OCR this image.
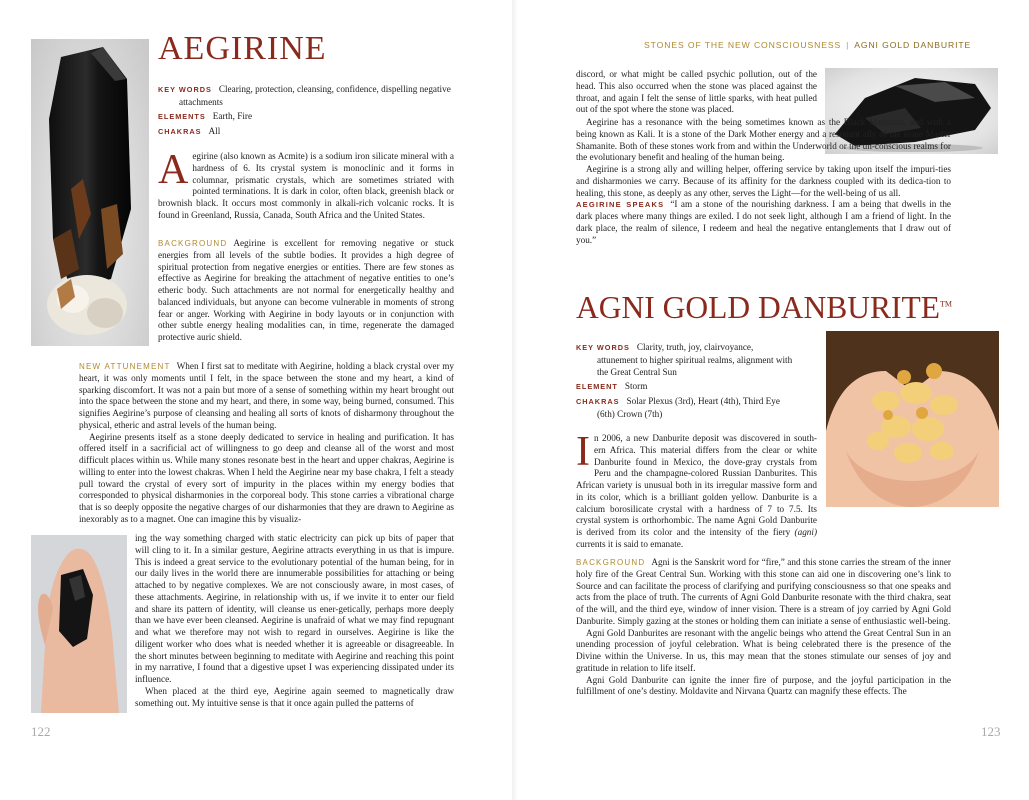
AEGIRINE
KEY WORDS Clearing, protection, cleansing, confidence, dispelling negative attachments
ELEMENTS Earth, Fire
CHAKRAS All

Aegirine (also known as Acmite) is a sodium iron silicate mineral with a hardness of 6. Its crystal system is monoclinic and it forms in columnar, prismatic crystals, which are sometimes striated with pointed terminations. It is dark in color, often black, greenish black or brownish black. It occurs most commonly in alkali-rich volcanic rocks. It is found in Greenland, Russia, Canada, South Africa and the United States.

BACKGROUND Aegirine is excellent for removing negative or stuck energies from all levels of the subtle bodies. It provides a high degree of spiritual protection from negative energies or entities. There are few stones as effective as Aegirine for breaking the attachment of negative entities to one’s etheric body. Such attachments are not normal for energetically healthy and balanced individuals, but anyone can become vulnerable in moments of strong fear or anger. Working with Aegirine in body layouts or in conjunction with other subtle energy healing modalities can, in time, regenerate the damaged protective auric shield.

NEW ATTUNEMENT When I first sat to meditate with Aegirine, holding a black crystal over my heart, it was only moments until I felt, in the space between the stone and my heart, a kind of sparking discomfort. It was not a pain but more of a sense of something within my heart brought out into the space between the stone and my heart, and there, in some way, being burned, consumed. This signifies Aegirine’s purpose of cleansing and healing all sorts of knots of disharmony throughout the physical, etheric and astral levels of the human being.

Aegirine presents itself as a stone deeply dedicated to service in healing and purification. It has offered itself in a sacrificial act of willingness to go deep and cleanse all of the worst and most difficult places within us. While many stones resonate best in the heart and upper chakras, Aegirine is willing to enter into the lowest chakras. When I held the Aegirine near my base chakra, I felt a steady pull toward the crystal of every sort of impurity in the places within my energy bodies that corresponded to physical disharmonies in the corporeal body. This stone carries a vibrational charge that is so deeply opposite the negative charges of our disharmonies that they are drawn to Aegirine as inexorably as to a magnet. One can imagine this by visualiz-

ing the way something charged with static electricity can pick up bits of paper that will cling to it. In a similar gesture, Aegirine attracts everything in us that is impure. This is indeed a great service to the evolutionary potential of the human being, for in our daily lives in the world there are innumerable possibilities for attaching or being attached to by negative complexes. We are not consciously aware, in most cases, of these attachments. Aegirine, in relationship with us, if we invite it to enter our field and share its pattern of identity, will cleanse us ener-getically, perhaps more deeply than we have ever been cleansed. Aegirine is unafraid of what we may find repugnant and what we therefore may not wish to regard in ourselves. Aegirine is like the diligent worker who does what is needed whether it is agreeable or disagreeable. In the short minutes between beginning to meditate with Aegirine and reaching this point in my narrative, I found that a digestive upset I was experiencing dissipated under its influence.

When placed at the third eye, Aegirine again seemed to magnetically draw something out. My intuitive sense is that it once again pulled the patterns of

122
STONES OF THE NEW CONSCIOUSNESS | AGNI GOLD DANBURITE

discord, or what might be called psychic pollution, out of the head. This also occurred when the stone was placed against the throat, and again I felt the sense of little sparks, with heat pulled out of the spot where the stone was placed.

Aegirine has a resonance with the being sometimes known as the Black Madonna, and with a being known as Kali. It is a stone of the Dark Mother energy and a resonant ally of the stone Master Shamanite. Both of these stones work from and within the Underworld or the un-conscious realms for the evolutionary benefit and healing of the human being.

Aegirine is a strong ally and willing helper, offering service by taking upon itself the impuri-ties and disharmonies we carry. Because of its affinity for the darkness coupled with its dedica-tion to healing, this stone, as deeply as any other, serves the Light—for the well-being of us all.

AEGIRINE SPEAKS “I am a stone of the nourishing darkness. I am a being that dwells in the dark places where many things are exiled. I do not seek light, although I am a friend of light. In the dark place, the realm of silence, I redeem and heal the negative entanglements that I draw out of you.”

AGNI GOLD DANBURITE™
KEY WORDS Clarity, truth, joy, clairvoyance, attunement to higher spiritual realms, alignment with the Great Central Sun
ELEMENT Storm
CHAKRAS Solar Plexus (3rd), Heart (4th), Third Eye (6th) Crown (7th)

In 2006, a new Danburite deposit was discovered in south-ern Africa. This material differs from the clear or white Danburite found in Mexico, the dove-gray crystals from Peru and the champagne-colored Russian Danburites. This African variety is unusual both in its irregular massive form and in its color, which is a brilliant golden yellow. Danburite is a calcium borosilicate crystal with a hardness of 7 to 7.5. Its crystal system is orthorhombic. The name Agni Gold Danburite is derived from its color and the intensity of the fiery (agni) currents it is said to emanate.

BACKGROUND Agni is the Sanskrit word for “fire,” and this stone carries the stream of the inner holy fire of the Great Central Sun. Working with this stone can aid one in discovering one’s link to Source and can facilitate the process of clarifying and purifying consciousness so that one speaks and acts from the place of truth. The currents of Agni Gold Danburite resonate with the third chakra, seat of the will, and the third eye, window of inner vision. There is a stream of joy carried by Agni Gold Danburite. Simply gazing at the stones or holding them can initiate a sense of enthusiastic well-being.

Agni Gold Danburites are resonant with the angelic beings who attend the Great Central Sun in an unending procession of joyful celebration. What is being celebrated there is the presence of the Divine within the Universe. In us, this may mean that the stones stimulate our senses of joy and gratitude in relation to life itself.

Agni Gold Danburite can ignite the inner fire of purpose, and the joyful participation in the fulfillment of one’s destiny. Moldavite and Nirvana Quartz can magnify these effects. The

123
